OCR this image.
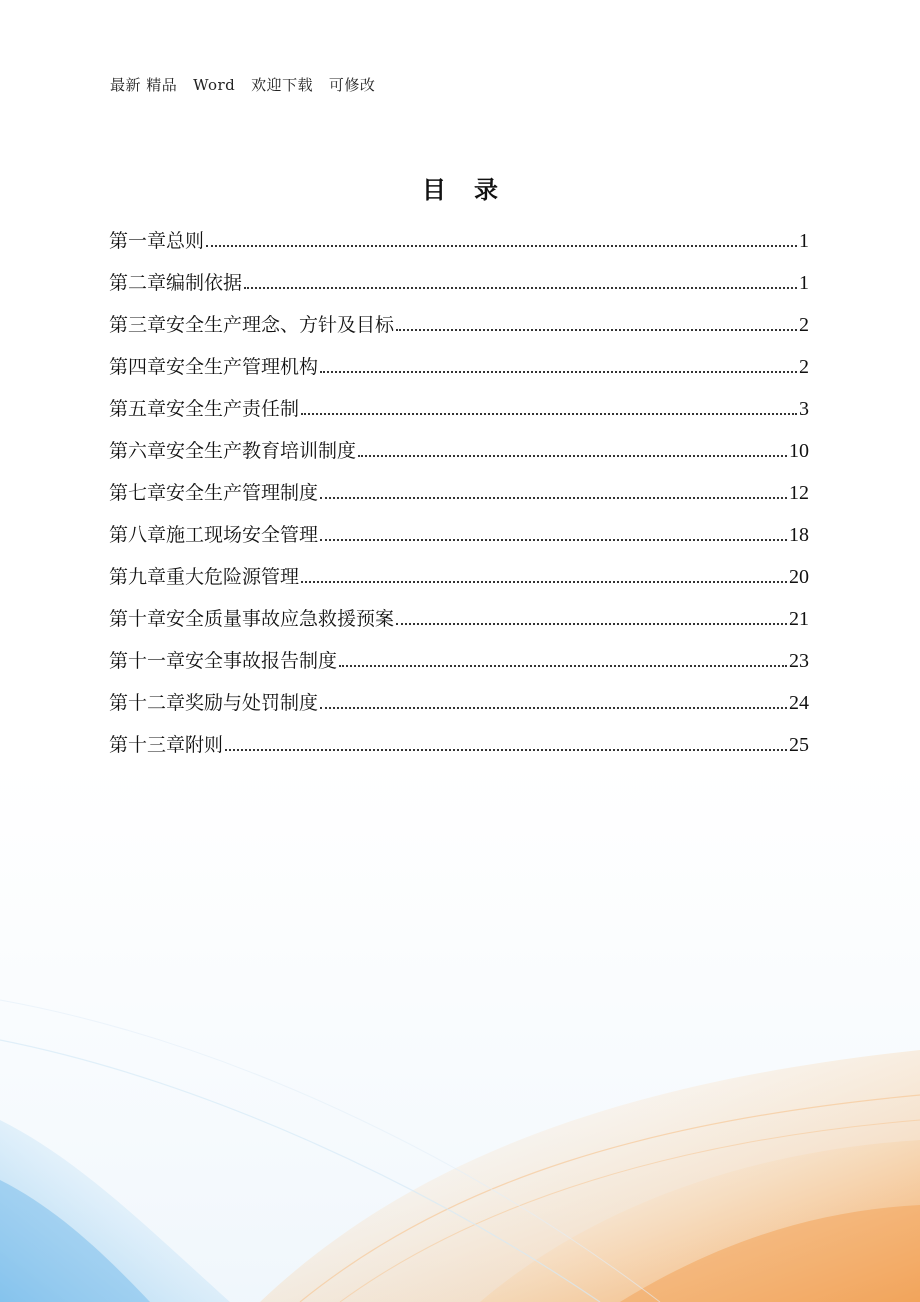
最新 精品   Word   欢迎下载   可修改
目录
第一章总则	1
第二章编制依据	1
第三章安全生产理念、方针及目标	2
第四章安全生产管理机构	2
第五章安全生产责任制	3
第六章安全生产教育培训制度	10
第七章安全生产管理制度	12
第八章施工现场安全管理	18
第九章重大危险源管理	20
第十章安全质量事故应急救援预案	21
第十一章安全事故报告制度	23
第十二章奖励与处罚制度	24
第十三章附则	25
